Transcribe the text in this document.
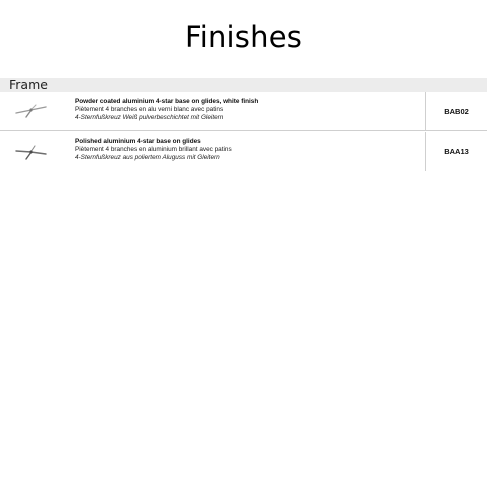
Finishes
Frame
Powder coated aluminium 4-star base on glides, white finish
Piètement 4 branches en alu verni blanc avec patins
4-Sternfußkreuz Weiß pulverbeschichtet mit Gleitern
BAB02
Polished aluminium 4-star base on glides
Piètement 4 branches en aluminium brillant avec patins
4-Sternfußkreuz aus poliertem Aluguss mit Gleitern
BAA13
